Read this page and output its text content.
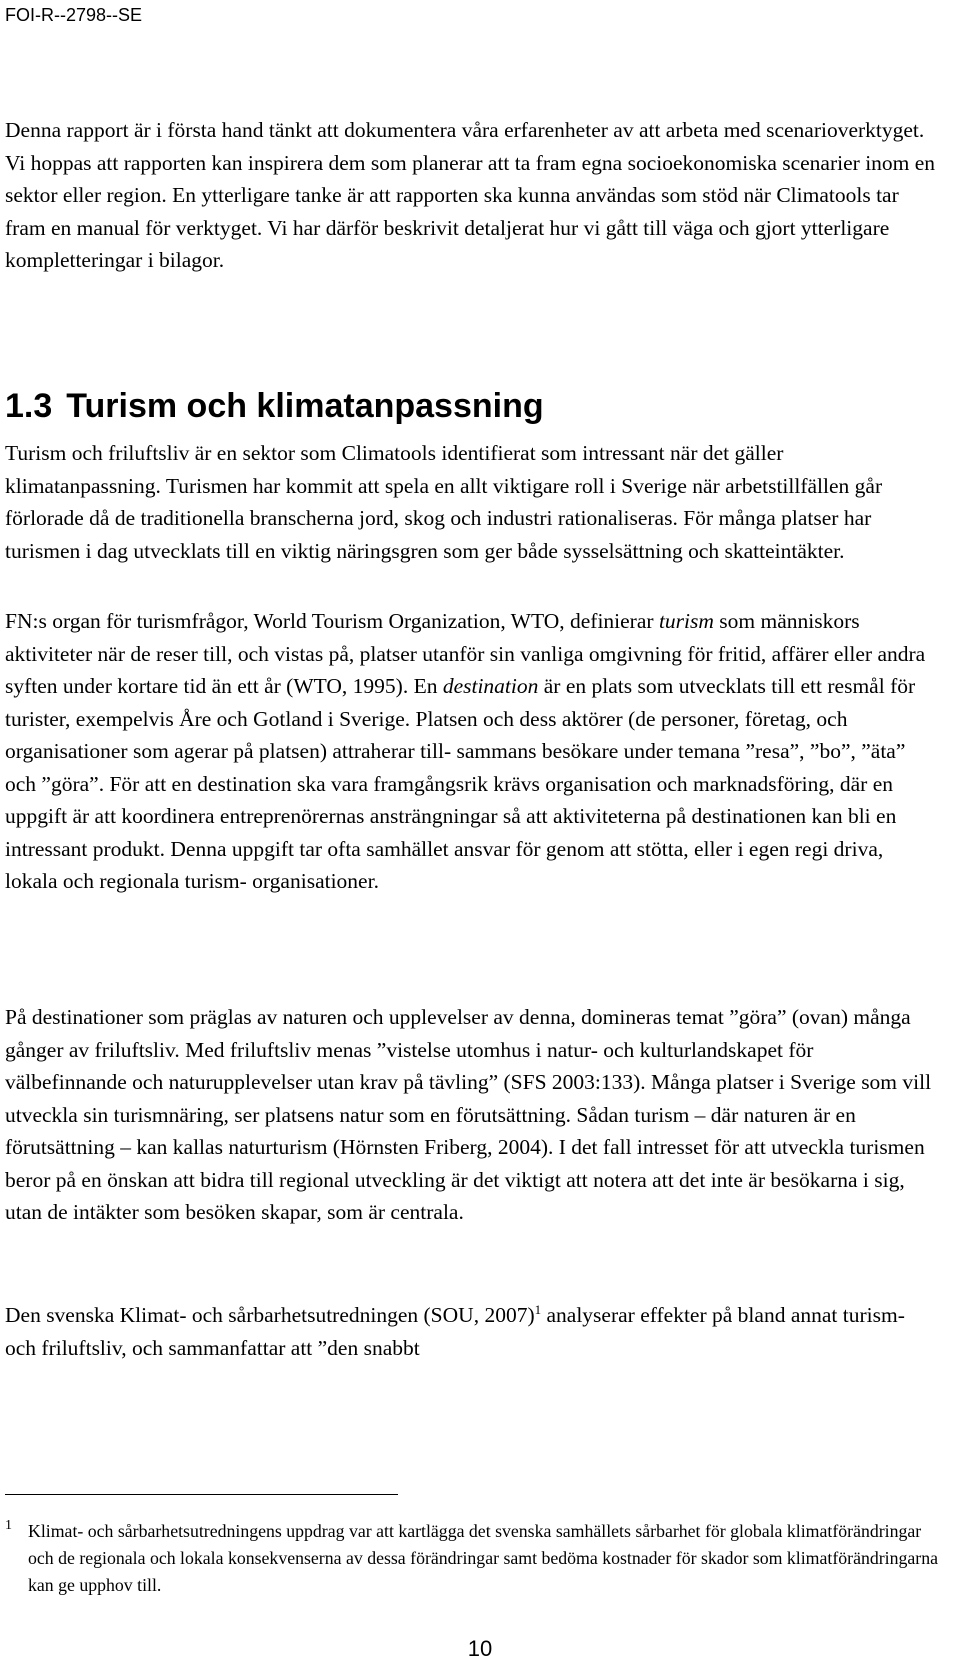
FOI-R--2798--SE

Denna rapport är i första hand tänkt att dokumentera våra erfarenheter av att arbeta med scenarioverktyget. Vi hoppas att rapporten kan inspirera dem som planerar att ta fram egna socioekonomiska scenarier inom en sektor eller region. En ytterligare tanke är att rapporten ska kunna användas som stöd när Climatools tar fram en manual för verktyget. Vi har därför beskrivit detaljerat hur vi gått till väga och gjort ytterligare kompletteringar i bilagor.

1.3 Turism och klimatanpassning

Turism och friluftsliv är en sektor som Climatools identifierat som intressant när det gäller klimatanpassning. Turismen har kommit att spela en allt viktigare roll i Sverige när arbetstillfällen går förlorade då de traditionella branscherna jord, skog och industri rationaliseras. För många platser har turismen i dag utvecklats till en viktig näringsgren som ger både sysselsättning och skatteintäkter.

FN:s organ för turismfrågor, World Tourism Organization, WTO, definierar turism som människors aktiviteter när de reser till, och vistas på, platser utanför sin vanliga omgivning för fritid, affärer eller andra syften under kortare tid än ett år (WTO, 1995). En destination är en plats som utvecklats till ett resmål för turister, exempelvis Åre och Gotland i Sverige. Platsen och dess aktörer (de personer, företag, och organisationer som agerar på platsen) attraherar till- sammans besökare under temana ”resa”, ”bo”, ”äta” och ”göra”. För att en destination ska vara framgångsrik krävs organisation och marknadsföring, där en uppgift är att koordinera entreprenörernas ansträngningar så att aktiviteterna på destinationen kan bli en intressant produkt. Denna uppgift tar ofta samhället ansvar för genom att stötta, eller i egen regi driva, lokala och regionala turism- organisationer.

På destinationer som präglas av naturen och upplevelser av denna, domineras temat ”göra” (ovan) många gånger av friluftsliv. Med friluftsliv menas ”vistelse utomhus i natur- och kulturlandskapet för välbefinnande och naturupplevelser utan krav på tävling” (SFS 2003:133). Många platser i Sverige som vill utveckla sin turismnäring, ser platsens natur som en förutsättning. Sådan turism – där naturen är en förutsättning – kan kallas naturturism (Hörnsten Friberg, 2004). I det fall intresset för att utveckla turismen beror på en önskan att bidra till regional utveckling är det viktigt att notera att det inte är besökarna i sig, utan de intäkter som besöken skapar, som är centrala.

Den svenska Klimat- och sårbarhetsutredningen (SOU, 2007)$^1$ analyserar effekter på bland annat turism- och friluftsliv, och sammanfattar att ”den snabbt

1 Klimat- och sårbarhetsutredningens uppdrag var att kartlägga det svenska samhällets sårbarhet för globala klimatförändringar och de regionala och lokala konsekvenserna av dessa förändringar samt bedöma kostnader för skador som klimatförändringarna kan ge upphov till.
10
